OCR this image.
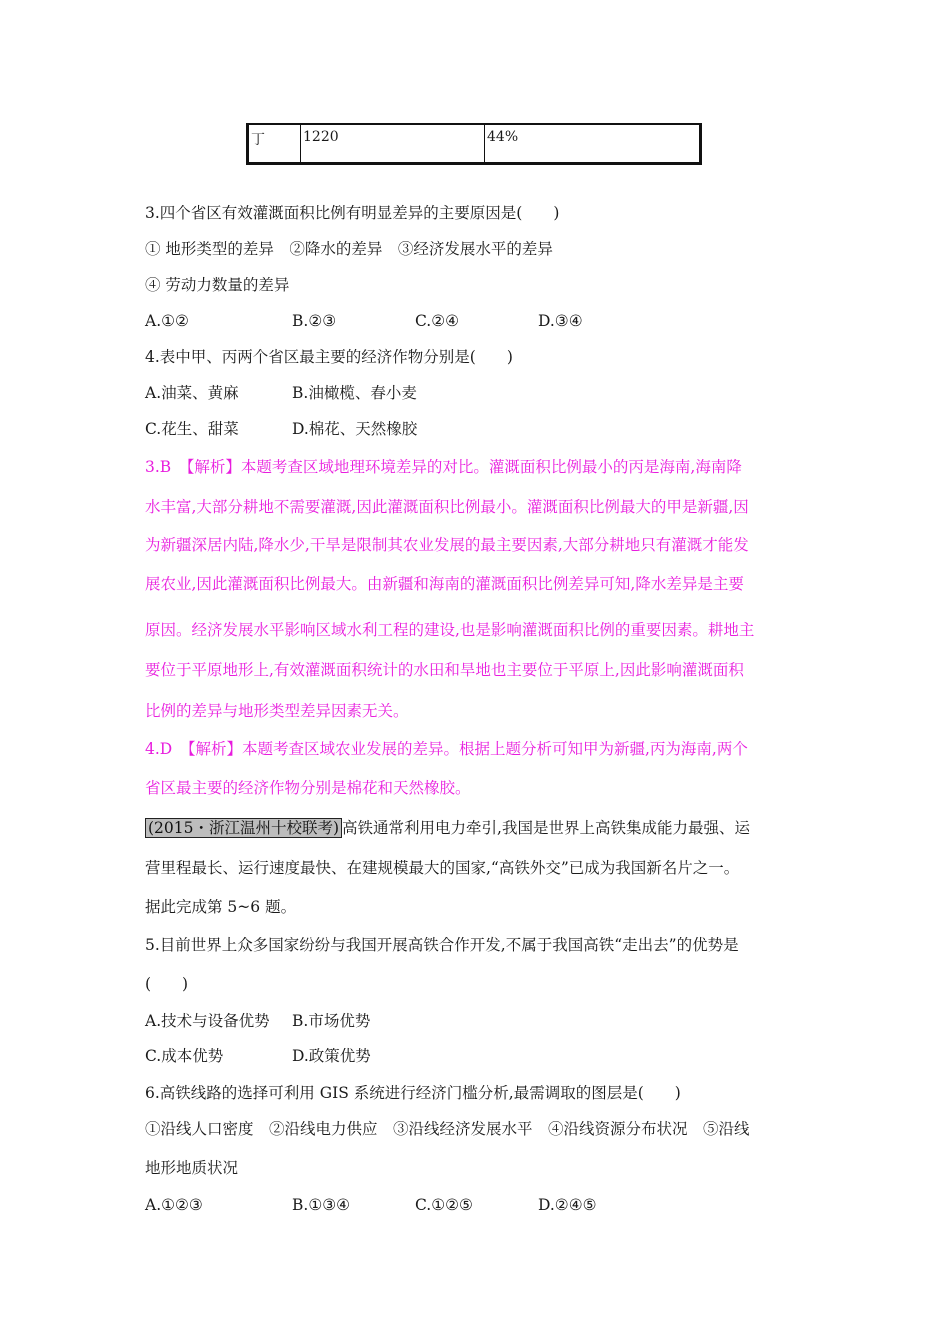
丁	1220	44%
3.四个省区有效灌溉面积比例有明显差异的主要原因是(　　)
① 地形类型的差异　②降水的差异　③经济发展水平的差异
④ 劳动力数量的差异
A.①②	B.②③	C.②④	D.③④
4.表中甲、丙两个省区最主要的经济作物分别是(　　)
A.油菜、黄麻	B.油橄榄、春小麦
C.花生、甜菜	D.棉花、天然橡胶
3.B　【解析】本题考查区域地理环境差异的对比。灌溉面积比例最小的丙是海南,海南降
水丰富,大部分耕地不需要灌溉,因此灌溉面积比例最小。灌溉面积比例最大的甲是新疆,因
为新疆深居内陆,降水少,干旱是限制其农业发展的最主要因素,大部分耕地只有灌溉才能发
展农业,因此灌溉面积比例最大。由新疆和海南的灌溉面积比例差异可知,降水差异是主要
原因。经济发展水平影响区域水利工程的建设,也是影响灌溉面积比例的重要因素。耕地主
要位于平原地形上,有效灌溉面积统计的水田和旱地也主要位于平原上,因此影响灌溉面积
比例的差异与地形类型差异因素无关。
4.D　【解析】本题考查区域农业发展的差异。根据上题分析可知甲为新疆,丙为海南,两个
省区最主要的经济作物分别是棉花和天然橡胶。
(2015・浙江温州十校联考) 高铁通常利用电力牵引,我国是世界上高铁集成能力最强、运
营里程最长、运行速度最快、在建规模最大的国家,“高铁外交”已成为我国新名片之一。
据此完成第 5~6 题。
5.目前世界上众多国家纷纷与我国开展高铁合作开发,不属于我国高铁“走出去”的优势是
(　　)
A.技术与设备优势 B.市场优势
C.成本优势	D.政策优势
6.高铁线路的选择可利用 GIS 系统进行经济门槛分析,最需调取的图层是(　　)
①沿线人口密度　②沿线电力供应　③沿线经济发展水平　④沿线资源分布状况　⑤沿线
地形地质状况
A.①②③	B.①③④	C.①②⑤	D.②④⑤
